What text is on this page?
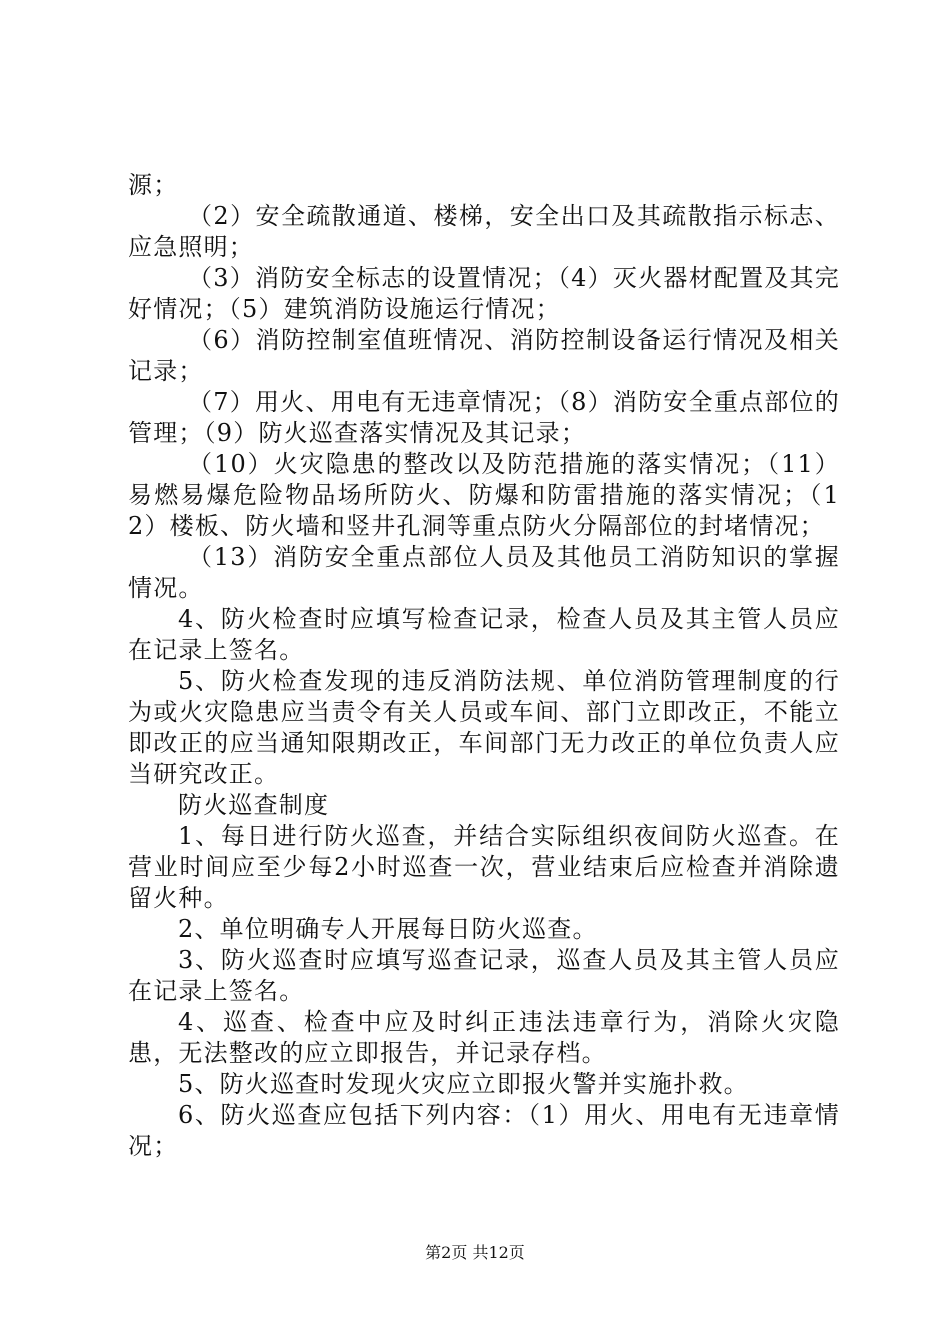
源；

（2）安全疏散通道、楼梯，安全出口及其疏散指示标志、应急照明；

（3）消防安全标志的设置情况；（4）灭火器材配置及其完好情况；（5）建筑消防设施运行情况；

（6）消防控制室值班情况、消防控制设备运行情况及相关记录；

（7）用火、用电有无违章情况；（8）消防安全重点部位的管理；（9）防火巡查落实情况及其记录；

（10）火灾隐患的整改以及防范措施的落实情况；（11）易燃易爆危险物品场所防火、防爆和防雷措施的落实情况；（12）楼板、防火墙和竖井孔洞等重点防火分隔部位的封堵情况；

（13）消防安全重点部位人员及其他员工消防知识的掌握情况。

4、防火检查时应填写检查记录，检查人员及其主管人员应在记录上签名。

5、防火检查发现的违反消防法规、单位消防管理制度的行为或火灾隐患应当责令有关人员或车间、部门立即改正，不能立即改正的应当通知限期改正，车间部门无力改正的单位负责人应当研究改正。

防火巡查制度

1、每日进行防火巡查，并结合实际组织夜间防火巡查。在营业时间应至少每2小时巡查一次，营业结束后应检查并消除遗留火种。

2、单位明确专人开展每日防火巡查。

3、防火巡查时应填写巡查记录，巡查人员及其主管人员应在记录上签名。

4、巡查、检查中应及时纠正违法违章行为，消除火灾隐患，无法整改的应立即报告，并记录存档。

5、防火巡查时发现火灾应立即报火警并实施扑救。

6、防火巡查应包括下列内容：（1）用火、用电有无违章情况；

第2页 共12页
